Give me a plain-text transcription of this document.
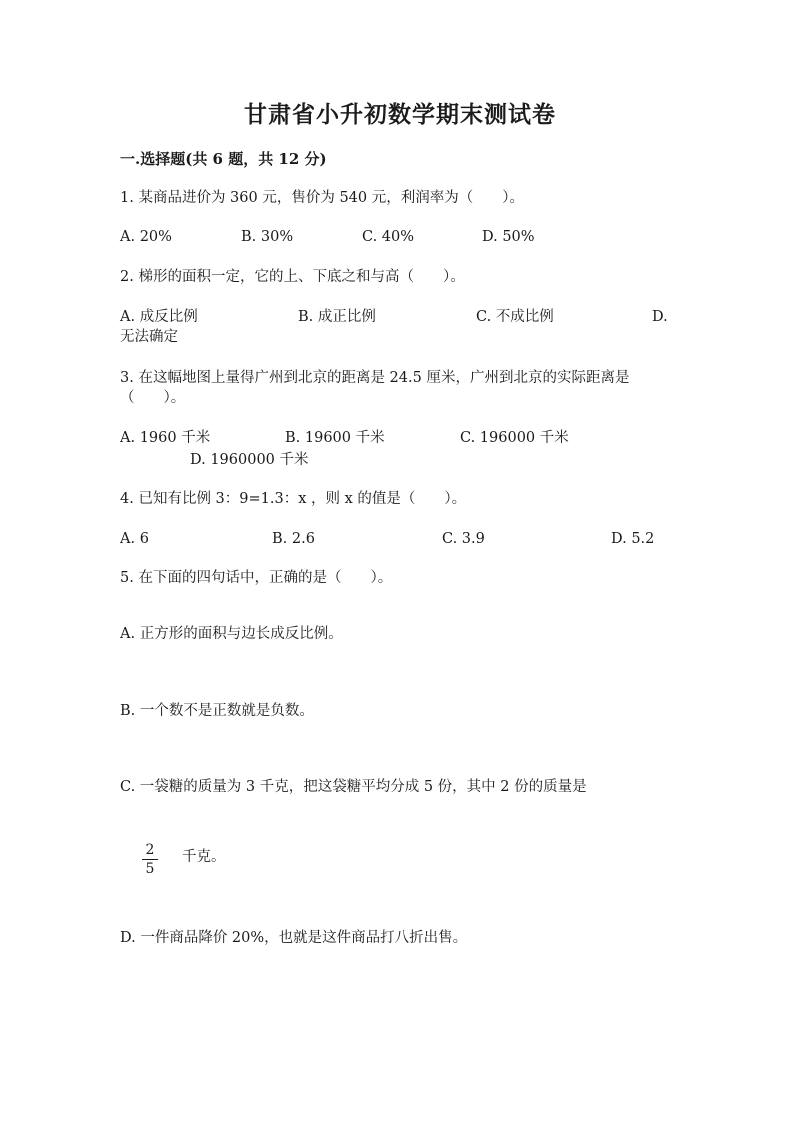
甘肃省小升初数学期末测试卷
一.选择题(共 6 题，共 12 分)
1. 某商品进价为 360 元，售价为 540 元，利润率为（　　）。
A. 20%	B. 30%	C. 40%	D. 50%
2. 梯形的面积一定，它的上、下底之和与高（　　）。
A. 成反比例	B. 成正比例	C. 不成比例	D.
无法确定
3. 在这幅地图上量得广州到北京的距离是 24.5 厘米，广州到北京的实际距离是
（　　）。
A. 1960 千米	B. 19600 千米	C. 196000 千米
D. 1960000 千米
4. 已知有比例 3：9=1.3：x ，则 x 的值是（　　）。
A. 6	B. 2.6	C. 3.9	D. 5.2
5. 在下面的四句话中，正确的是（　　）。
A. 正方形的面积与边长成反比例。
B. 一个数不是正数就是负数。
C. 一袋糖的质量为 3 千克，把这袋糖平均分成 5 份，其中 2 份的质量是
2
5
千克。
D. 一件商品降价 20%，也就是这件商品打八折出售。
